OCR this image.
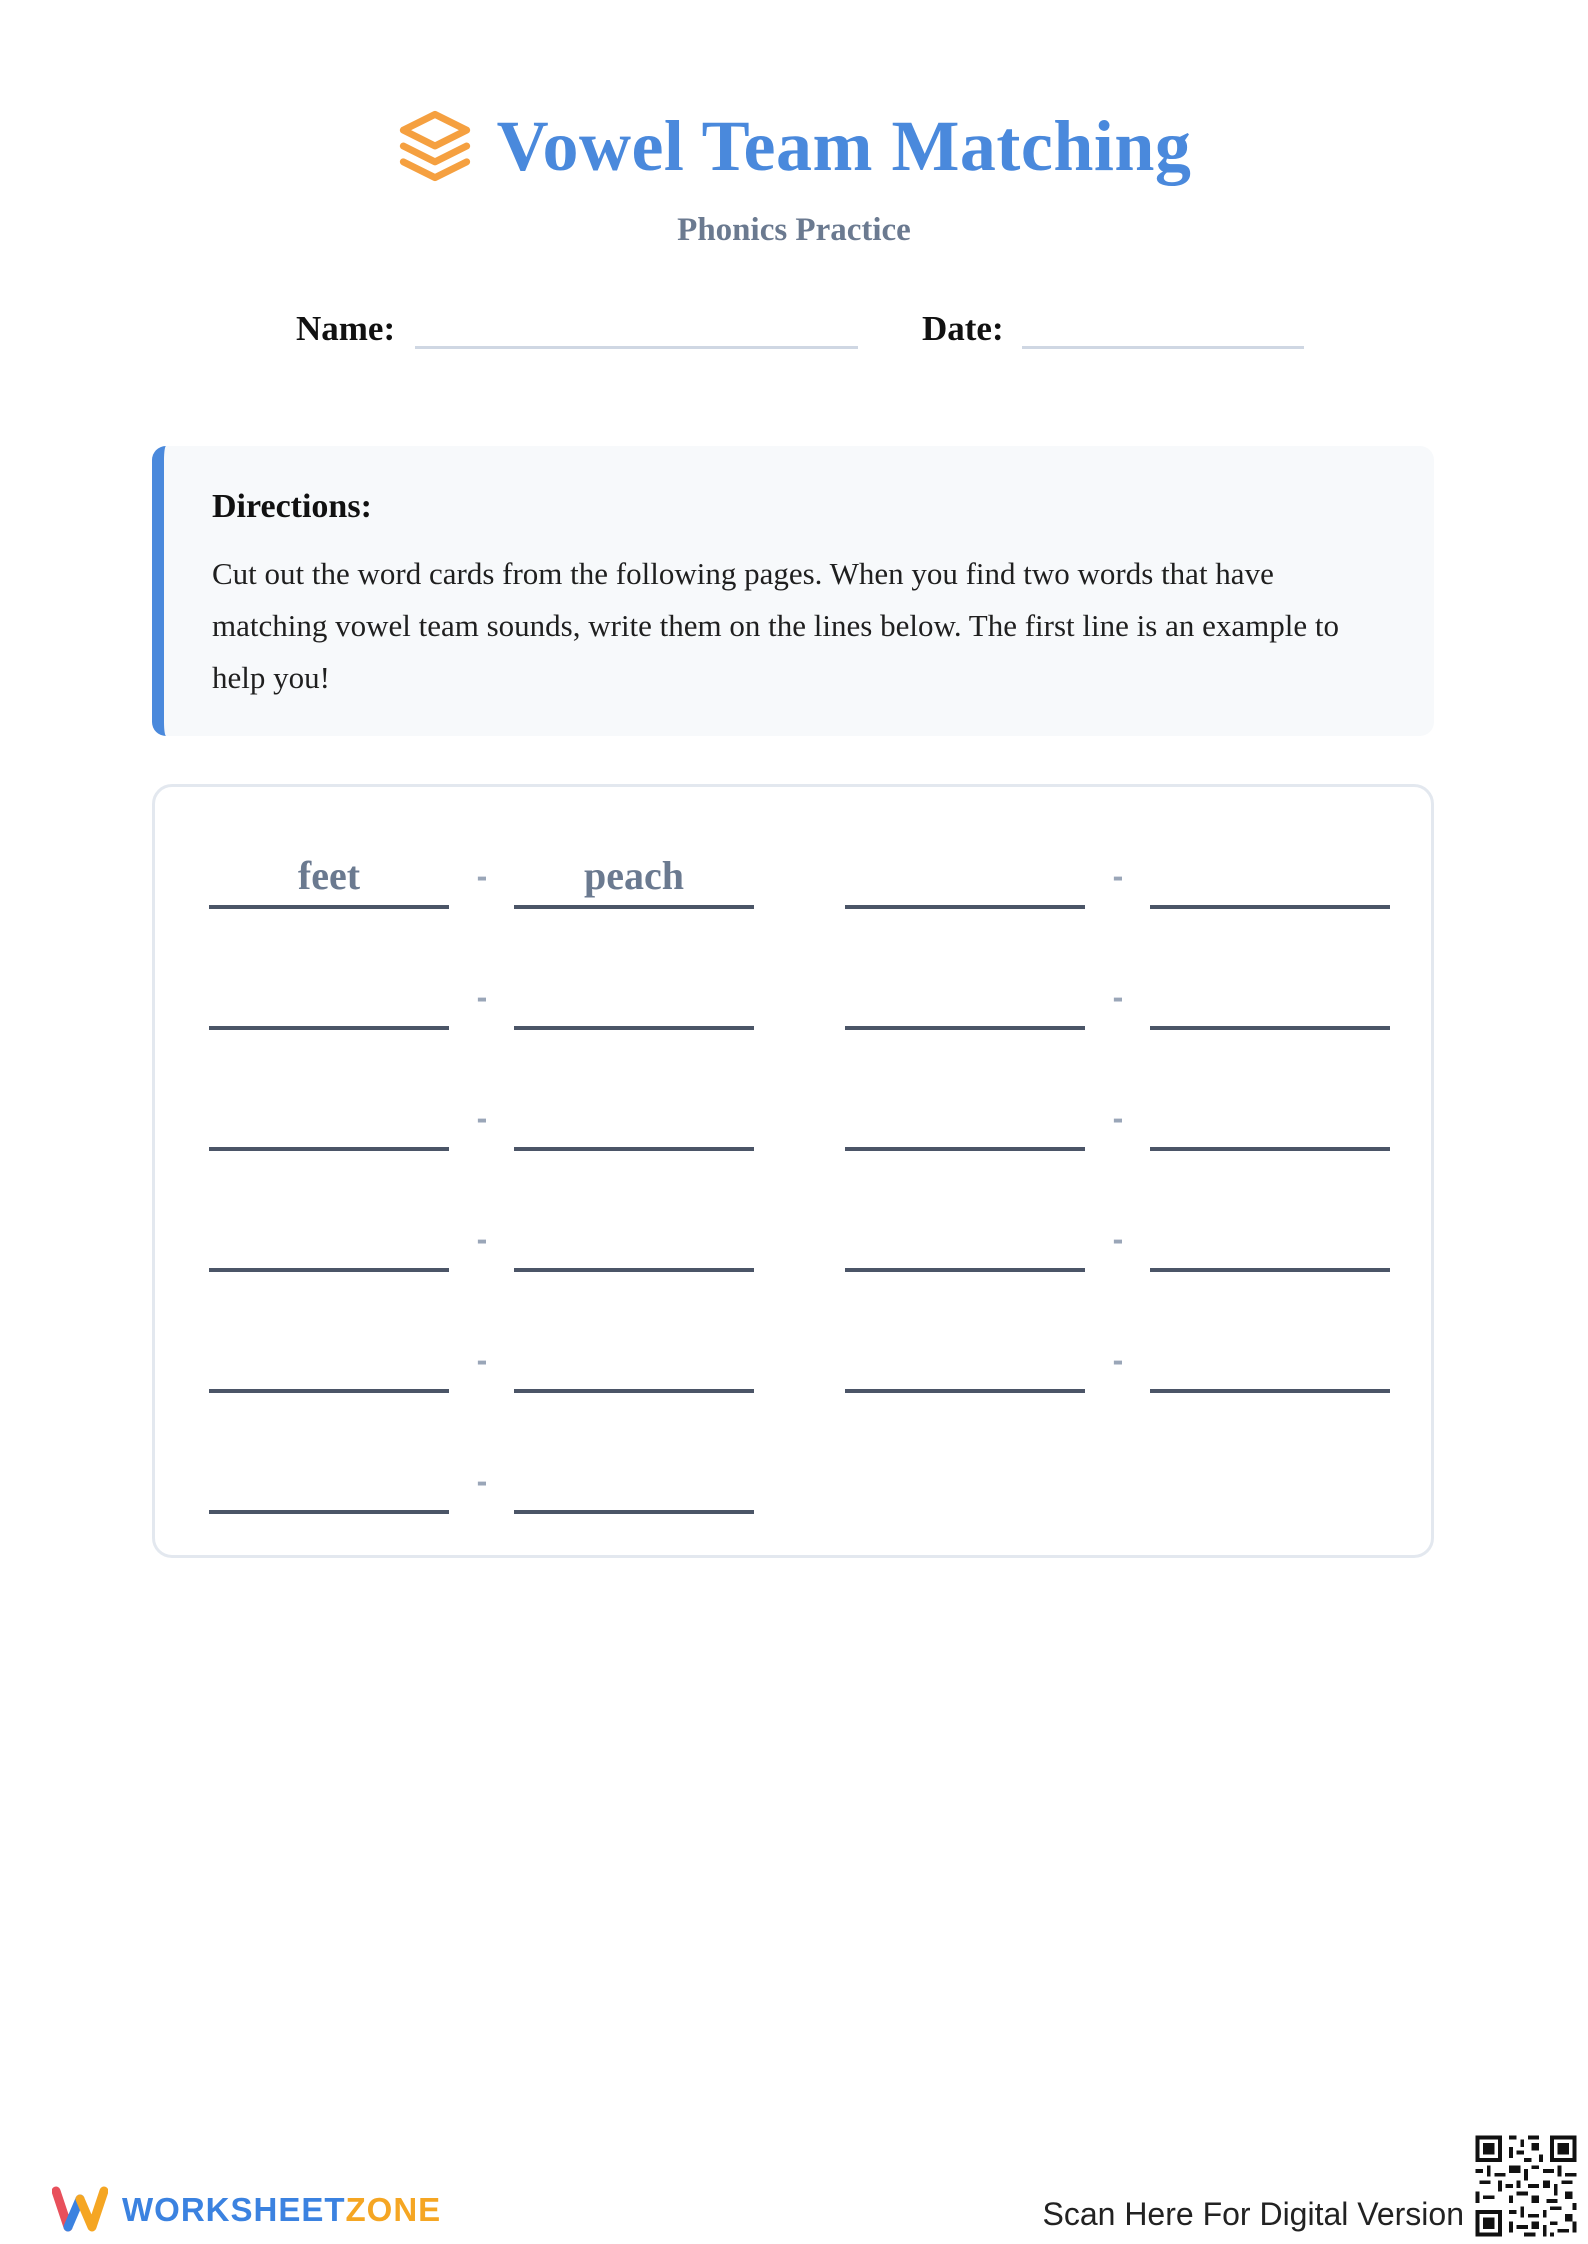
Vowel Team Matching
Phonics Practice
Name:	Date:
Directions:

Cut out the word cards from the following pages. When you find two words that have matching vowel team sounds, write them on the lines below. The first line is an example to help you!

feet	-	peach	-
-	-
-	-
-	-
-	-
-
WORKSHEETZONE	Scan Here For Digital Version
